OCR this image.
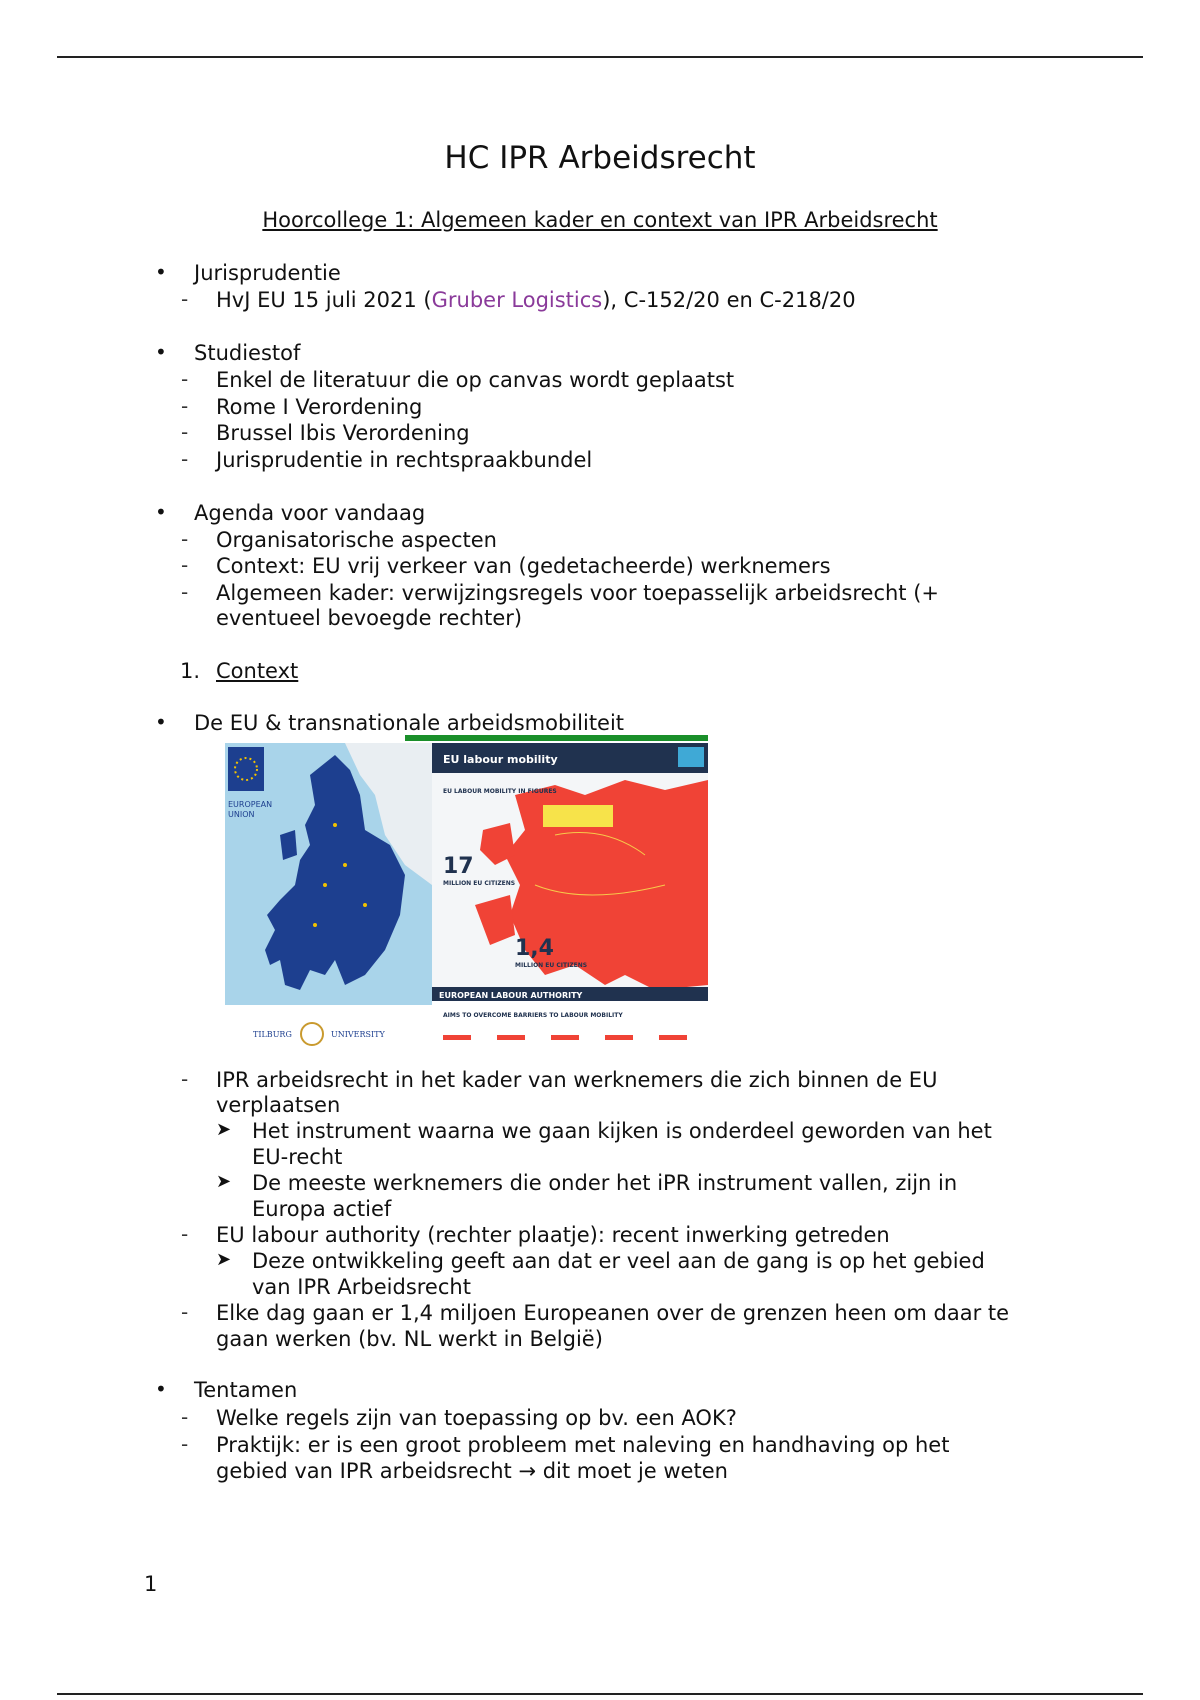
HC IPR Arbeidsrecht
Hoorcollege 1: Algemeen kader en context van IPR Arbeidsrecht
• Jurisprudentie
- HvJ EU 15 juli 2021 (Gruber Logistics), C-152/20 en C-218/20
• Studiestof
- Enkel de literatuur die op canvas wordt geplaatst
- Rome I Verordening
- Brussel Ibis Verordening
- Jurisprudentie in rechtspraakbundel
• Agenda voor vandaag
- Organisatorische aspecten
- Context: EU vrij verkeer van (gedetacheerde) werknemers
- Algemeen kader: verwijzingsregels voor toepasselijk arbeidsrecht (+
eventueel bevoegde rechter)
1. Context
• De EU & transnationale arbeidsmobiliteit
EUROPEAN
UNION
TILBURG	UNIVERSITY
EU labour mobility
EU LABOUR MOBILITY IN FIGURES
17
MILLION EU CITIZENS
1,4
MILLION EU CITIZENS
EUROPEAN LABOUR AUTHORITY
AIMS TO OVERCOME BARRIERS TO LABOUR MOBILITY
- IPR arbeidsrecht in het kader van werknemers die zich binnen de EU
verplaatsen
➤ Het instrument waarna we gaan kijken is onderdeel geworden van het
EU-recht
➤ De meeste werknemers die onder het iPR instrument vallen, zijn in
Europa actief
- EU labour authority (rechter plaatje): recent inwerking getreden
➤ Deze ontwikkeling geeft aan dat er veel aan de gang is op het gebied
van IPR Arbeidsrecht
- Elke dag gaan er 1,4 miljoen Europeanen over de grenzen heen om daar te
gaan werken (bv. NL werkt in België)
• Tentamen
- Welke regels zijn van toepassing op bv. een AOK?
- Praktijk: er is een groot probleem met naleving en handhaving op het
gebied van IPR arbeidsrecht → dit moet je weten
1
